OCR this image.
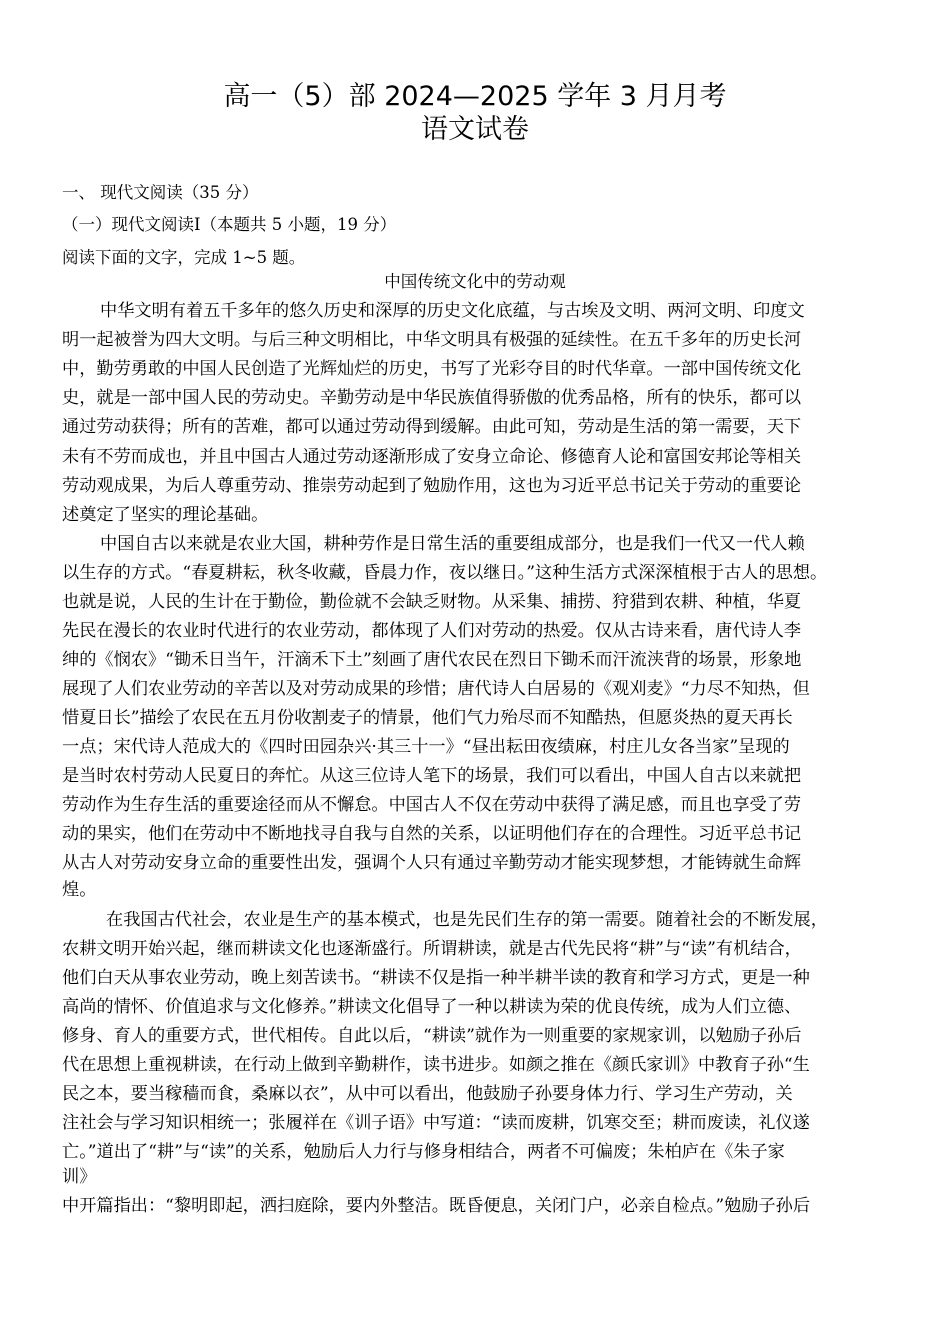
高一（5）部 2024—2025 学年 3 月月考
语文试卷
一、 现代文阅读（35 分）
（一）现代文阅读Ⅰ（本题共 5 小题，19 分）
阅读下面的文字，完成 1~5 题。
中国传统文化中的劳动观
中华文明有着五千多年的悠久历史和深厚的历史文化底蕴，与古埃及文明、两河文明、印度文
明一起被誉为四大文明。与后三种文明相比，中华文明具有极强的延续性。在五千多年的历史长河
中，勤劳勇敢的中国人民创造了光辉灿烂的历史，书写了光彩夺目的时代华章。一部中国传统文化
史，就是一部中国人民的劳动史。辛勤劳动是中华民族值得骄傲的优秀品格，所有的快乐，都可以
通过劳动获得；所有的苦难，都可以通过劳动得到缓解。由此可知，劳动是生活的第一需要，天下
未有不劳而成也，并且中国古人通过劳动逐渐形成了安身立命论、修德育人论和富国安邦论等相关
劳动观成果，为后人尊重劳动、推崇劳动起到了勉励作用，这也为习近平总书记关于劳动的重要论
述奠定了坚实的理论基础。
中国自古以来就是农业大国，耕种劳作是日常生活的重要组成部分，也是我们一代又一代人赖
以生存的方式。“春夏耕耘，秋冬收藏，昏晨力作，夜以继日。”这种生活方式深深植根于古人的思想。
也就是说，人民的生计在于勤俭，勤俭就不会缺乏财物。从采集、捕捞、狩猎到农耕、种植，华夏
先民在漫长的农业时代进行的农业劳动，都体现了人们对劳动的热爱。仅从古诗来看，唐代诗人李
绅的《悯农》“锄禾日当午，汗滴禾下土”刻画了唐代农民在烈日下锄禾而汗流浃背的场景，形象地
展现了人们农业劳动的辛苦以及对劳动成果的珍惜；唐代诗人白居易的《观刈麦》“力尽不知热，但
惜夏日长”描绘了农民在五月份收割麦子的情景，他们气力殆尽而不知酷热，但愿炎热的夏天再长
一点；宋代诗人范成大的《四时田园杂兴·其三十一》“昼出耘田夜绩麻，村庄儿女各当家”呈现的
是当时农村劳动人民夏日的奔忙。从这三位诗人笔下的场景，我们可以看出，中国人自古以来就把
劳动作为生存生活的重要途径而从不懈怠。中国古人不仅在劳动中获得了满足感，而且也享受了劳
动的果实，他们在劳动中不断地找寻自我与自然的关系，以证明他们存在的合理性。习近平总书记
从古人对劳动安身立命的重要性出发，强调个人只有通过辛勤劳动才能实现梦想，才能铸就生命辉
煌。
在我国古代社会，农业是生产的基本模式，也是先民们生存的第一需要。随着社会的不断发展，
农耕文明开始兴起，继而耕读文化也逐渐盛行。所谓耕读，就是古代先民将“耕”与“读”有机结合，
他们白天从事农业劳动，晚上刻苦读书。“耕读不仅是指一种半耕半读的教育和学习方式，更是一种
高尚的情怀、价值追求与文化修养。”耕读文化倡导了一种以耕读为荣的优良传统，成为人们立德、
修身、育人的重要方式，世代相传。自此以后，“耕读”就作为一则重要的家规家训，以勉励子孙后
代在思想上重视耕读，在行动上做到辛勤耕作，读书进步。如颜之推在《颜氏家训》中教育子孙“生
民之本，要当稼穑而食，桑麻以衣”，从中可以看出，他鼓励子孙要身体力行、学习生产劳动，关
注社会与学习知识相统一；张履祥在《训子语》中写道：“读而废耕，饥寒交至；耕而废读，礼仪遂
亡。”道出了“耕”与“读”的关系，勉励后人力行与修身相结合，两者不可偏废；朱柏庐在《朱子家
训》
中开篇指出：“黎明即起，洒扫庭除，要内外整洁。既昏便息，关闭门户，必亲自检点。”勉励子孙后
